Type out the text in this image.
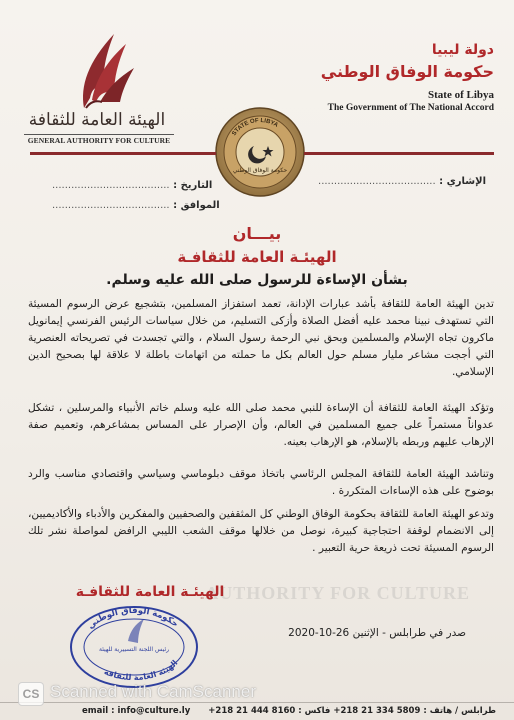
الهيئة العامة للثقافة
GENERAL AUTHORITY FOR CULTURE
دولة ليبيا
حكومة الوفاق الوطني
State of Libya
The Government of The National Accord
STATE OF LIBYA
حكومة الوفاق الوطني
الإشاري : .....................................
التاريخ : .....................................
الموافق : .....................................
بيـــان
الهيئـة العامة للثقافـة
بشأن الإساءة للرسول صلى الله عليه وسلم.
تدين الهيئة العامة للثقافة بأشد عبارات الإدانة، تعمد استفزاز المسلمين، بتشجيع عرض الرسوم المسيئة التي تستهدف نبينا محمد عليه أفضل الصلاة وأزكى التسليم، من خلال سياسات الرئيس الفرنسي إيمانويل ماكرون تجاه الإسلام والمسلمين وبحق نبي الرحمة رسول السلام ، والتي تجسدت في تصريحاته العنصرية التي أججت مشاعر مليار مسلم حول العالم بكل ما حملته من اتهامات باطلة لا علاقة لها بصحيح الدين الإسلامي.
وتؤكد الهيئة العامة للثقافة أن الإساءة للنبي محمد صلى الله عليه وسلم خاتم الأنبياء والمرسلين ، تشكل عدواناً مستمراً على جميع المسلمين في العالم، وأن الإصرار على المساس بمشاعرهم، وتعميم صفة الإرهاب عليهم وربطه بالإسلام، هو الإرهاب بعينه.
وتناشد الهيئة العامة للثقافة المجلس الرئاسي باتخاذ موقف دبلوماسي وسياسي واقتصادي مناسب والرد بوضوح على هذه الإساءات المتكررة .
وتدعو الهيئة العامة للثقافة بحكومة الوفاق الوطني كل المثقفين والصحفيين والمفكرين والأدباء والأكاديميين، إلى الانضمام لوقفة احتجاجية كبيرة، نوصل من خلالها موقف الشعب الليبي الرافض لمواصلة نشر تلك الرسوم المسيئة تحت ذريعة حرية التعبير .
AUTHORITY FOR CULTURE
الهيئـة العامة للثقافـة
حكومة الوفاق الوطني
رئيس اللجنة التسييرية للهيئة
الهيئة العامة للثقافة
صدر في طرابلس - الإثنين 26-10-2020
email : info@culture.ly طرابلس / هاتف : 5809 334 21 218+ فاكس : 8160 444 21 218+
CS Scanned with CamScanner
